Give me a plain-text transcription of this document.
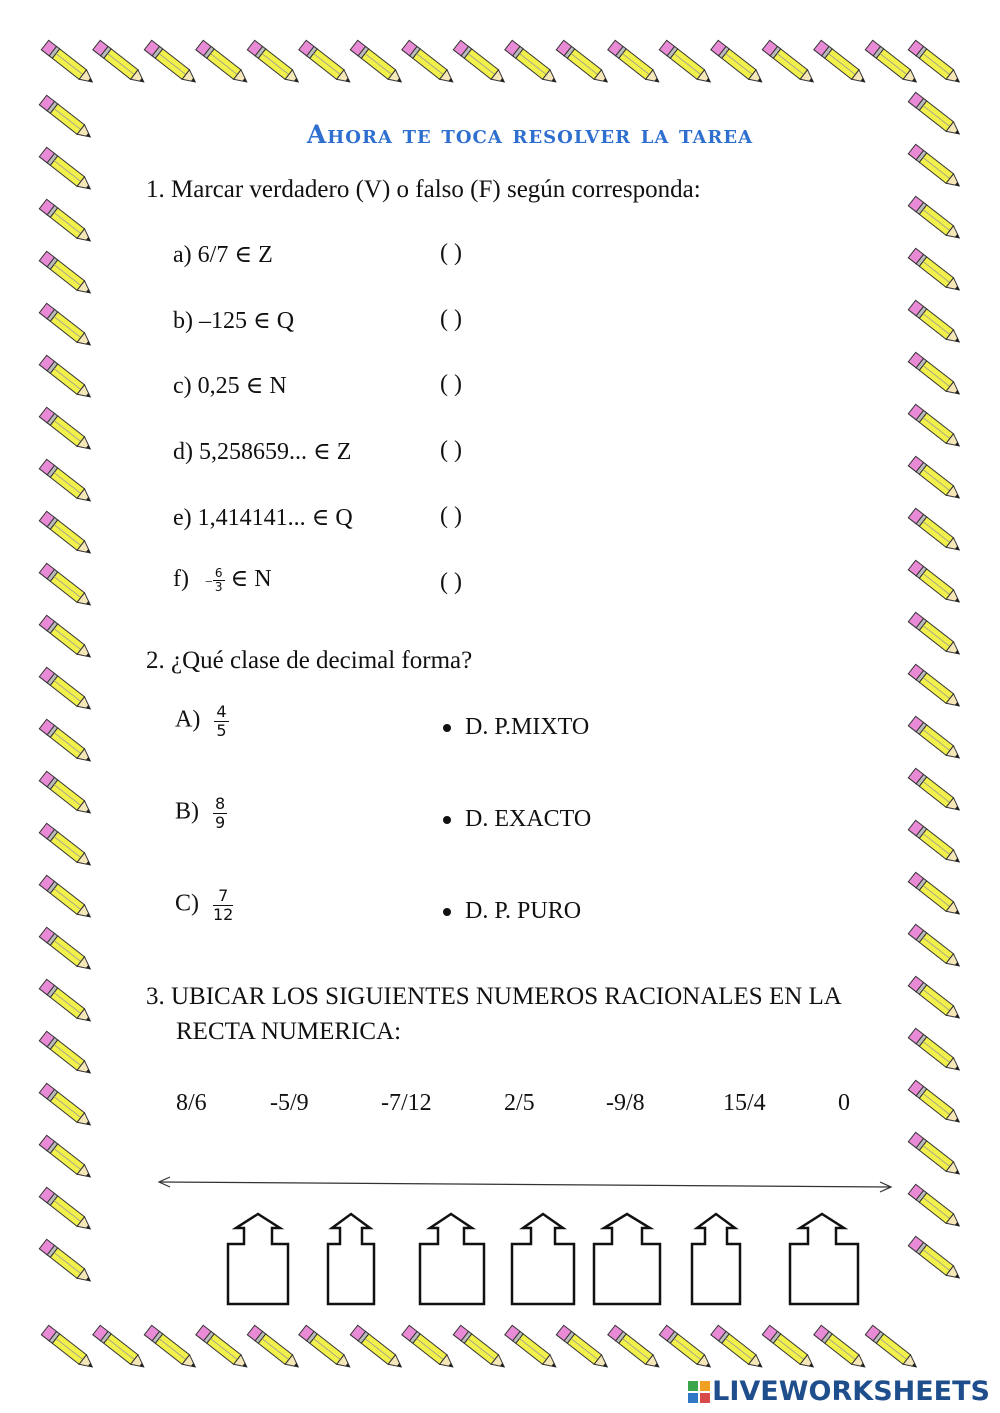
Ahora te toca resolver la tarea
1. Marcar verdadero (V) o falso (F) según corresponda:
a) 6/7 ∈ Z	( )
b) –125 ∈ Q	( )
c) 0,25 ∈ N	( )
d) 5,258659... ∈ Z	( )
e) 1,414141... ∈ Q	( )
$f) - \frac{6}{3}$ ∈ N	( )
2. ¿Qué clase de decimal forma?
$A) \frac{4}{5}$	D. P.MIXTO
$B) \frac{8}{9}$	D. EXACTO
$C) \frac{7}{12}$	D. P. PURO
3. UBICAR LOS SIGUIENTES NUMEROS RACIONALES EN LA
RECTA NUMERICA:
8/6	-5/9	-7/12	2/5	-9/8	15/4	0
LIVEWORKSHEETS
